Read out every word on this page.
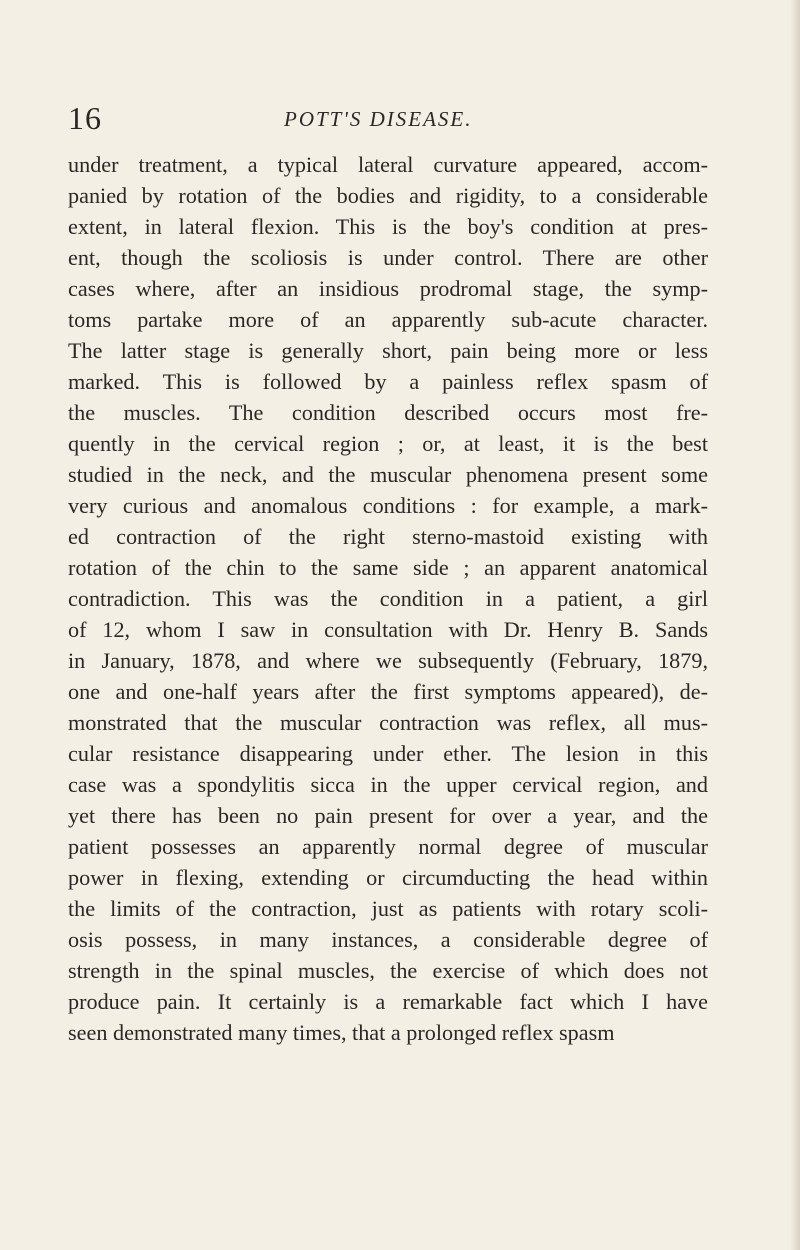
16	POTT'S DISEASE.

under treatment, a typical lateral curvature appeared, accom-
panied by rotation of the bodies and rigidity, to a considerable
extent, in lateral flexion. This is the boy's condition at pres-
ent, though the scoliosis is under control. There are other
cases where, after an insidious prodromal stage, the symp-
toms partake more of an apparently sub-acute character.
The latter stage is generally short, pain being more or less
marked. This is followed by a painless reflex spasm of
the muscles. The condition described occurs most fre-
quently in the cervical region ; or, at least, it is the best
studied in the neck, and the muscular phenomena present some
very curious and anomalous conditions : for example, a mark-
ed contraction of the right sterno-mastoid existing with
rotation of the chin to the same side ; an apparent anatomical
contradiction. This was the condition in a patient, a girl
of 12, whom I saw in consultation with Dr. Henry B. Sands
in January, 1878, and where we subsequently (February, 1879,
one and one-half years after the first symptoms appeared), de-
monstrated that the muscular contraction was reflex, all mus-
cular resistance disappearing under ether. The lesion in this
case was a spondylitis sicca in the upper cervical region, and
yet there has been no pain present for over a year, and the
patient possesses an apparently normal degree of muscular
power in flexing, extending or circumducting the head within
the limits of the contraction, just as patients with rotary scoli-
osis possess, in many instances, a considerable degree of
strength in the spinal muscles, the exercise of which does not
produce pain. It certainly is a remarkable fact which I have
seen demonstrated many times, that a prolonged reflex spasm
